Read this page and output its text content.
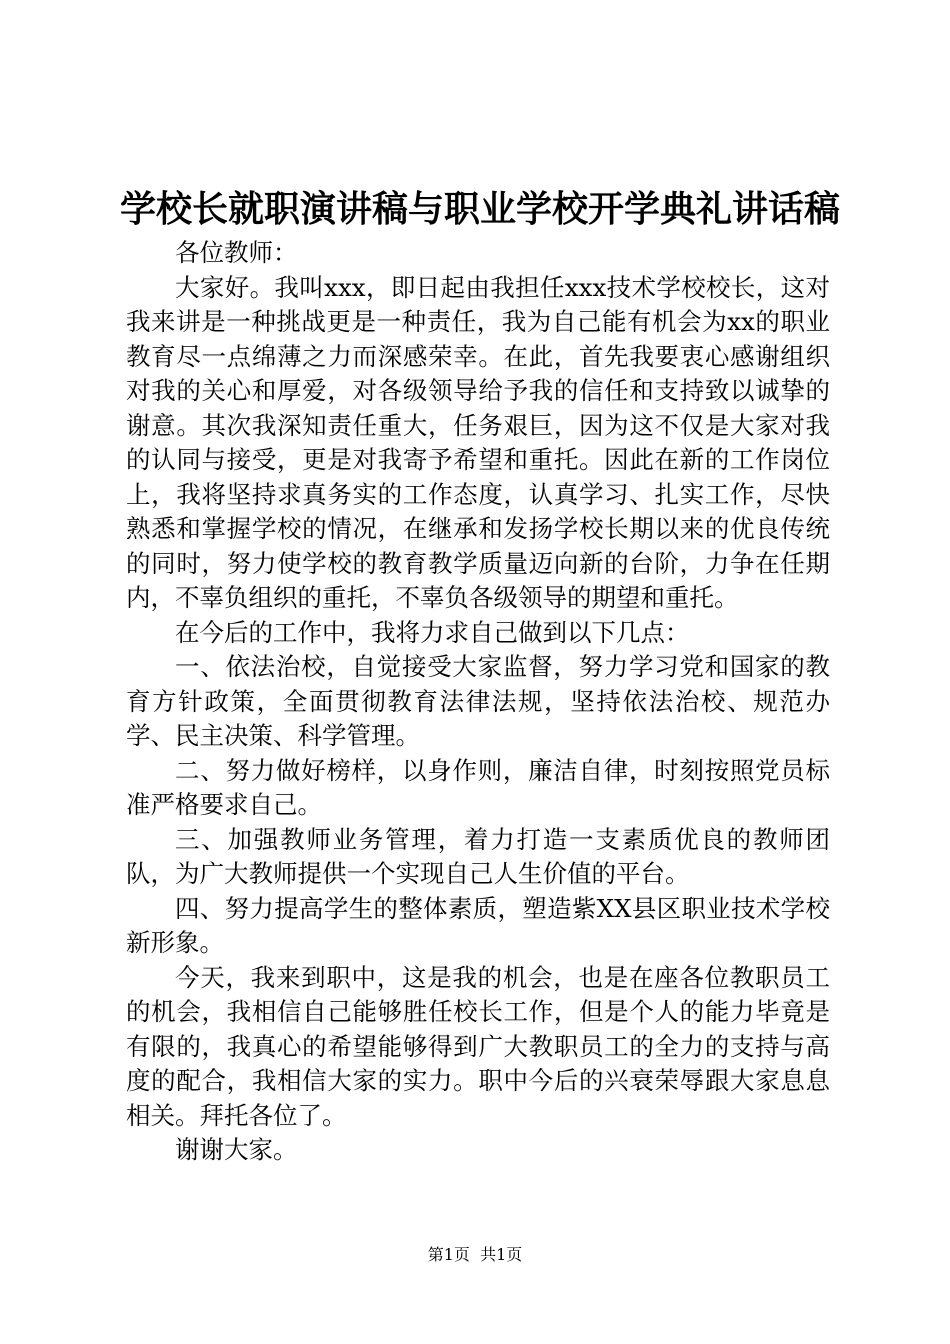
学校长就职演讲稿与职业学校开学典礼讲话稿

各位教师：

大家好。我叫xxx，即日起由我担任xxx技术学校校长，这对我来讲是一种挑战更是一种责任，我为自己能有机会为xx的职业教育尽一点绵薄之力而深感荣幸。在此，首先我要衷心感谢组织对我的关心和厚爱，对各级领导给予我的信任和支持致以诚挚的谢意。其次我深知责任重大，任务艰巨，因为这不仅是大家对我的认同与接受，更是对我寄予希望和重托。因此在新的工作岗位上，我将坚持求真务实的工作态度，认真学习、扎实工作，尽快熟悉和掌握学校的情况，在继承和发扬学校长期以来的优良传统的同时，努力使学校的教育教学质量迈向新的台阶，力争在任期内，不辜负组织的重托，不辜负各级领导的期望和重托。

在今后的工作中，我将力求自己做到以下几点：

一、依法治校，自觉接受大家监督，努力学习党和国家的教育方针政策，全面贯彻教育法律法规，坚持依法治校、规范办学、民主决策、科学管理。

二、努力做好榜样，以身作则，廉洁自律，时刻按照党员标准严格要求自己。

三、加强教师业务管理，着力打造一支素质优良的教师团队，为广大教师提供一个实现自己人生价值的平台。

四、努力提高学生的整体素质，塑造紫XX县区职业技术学校新形象。

今天，我来到职中，这是我的机会，也是在座各位教职员工的机会，我相信自己能够胜任校长工作，但是个人的能力毕竟是有限的，我真心的希望能够得到广大教职员工的全力的支持与高度的配合，我相信大家的实力。职中今后的兴衰荣辱跟大家息息相关。拜托各位了。

谢谢大家。

第1页  共1页
